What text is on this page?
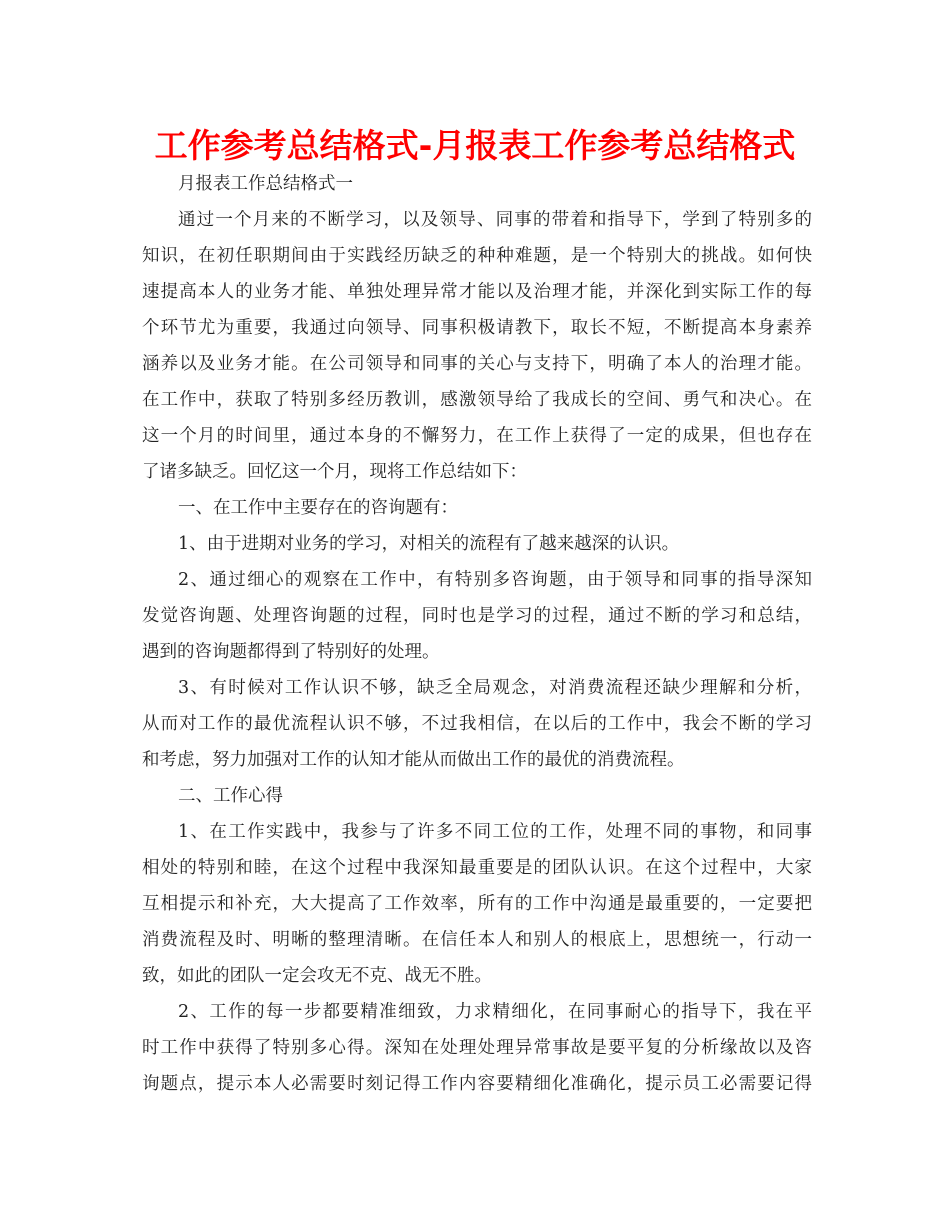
工作参考总结格式-月报表工作参考总结格式
月报表工作总结格式一
通过一个月来的不断学习，以及领导、同事的带着和指导下，学到了特别多的
知识，在初任职期间由于实践经历缺乏的种种难题，是一个特别大的挑战。如何快
速提高本人的业务才能、单独处理异常才能以及治理才能，并深化到实际工作的每
个环节尤为重要，我通过向领导、同事积极请教下，取长不短，不断提高本身素养
涵养以及业务才能。在公司领导和同事的关心与支持下，明确了本人的治理才能。
在工作中，获取了特别多经历教训，感激领导给了我成长的空间、勇气和决心。在
这一个月的时间里，通过本身的不懈努力，在工作上获得了一定的成果，但也存在
了诸多缺乏。回忆这一个月，现将工作总结如下：
一、在工作中主要存在的咨询题有：
1、由于进期对业务的学习，对相关的流程有了越来越深的认识。
2、通过细心的观察在工作中，有特别多咨询题，由于领导和同事的指导深知
发觉咨询题、处理咨询题的过程，同时也是学习的过程，通过不断的学习和总结，
遇到的咨询题都得到了特别好的处理。
3、有时候对工作认识不够，缺乏全局观念，对消费流程还缺少理解和分析，
从而对工作的最优流程认识不够，不过我相信，在以后的工作中，我会不断的学习
和考虑，努力加强对工作的认知才能从而做出工作的最优的消费流程。
二、工作心得
1、在工作实践中，我参与了许多不同工位的工作，处理不同的事物，和同事
相处的特别和睦，在这个过程中我深知最重要是的团队认识。在这个过程中，大家
互相提示和补充，大大提高了工作效率，所有的工作中沟通是最重要的，一定要把
消费流程及时、明晰的整理清晰。在信任本人和别人的根底上，思想统一，行动一
致，如此的团队一定会攻无不克、战无不胜。
2、工作的每一步都要精准细致，力求精细化，在同事耐心的指导下，我在平
时工作中获得了特别多心得。深知在处理处理异常事故是要平复的分析缘故以及咨
询题点，提示本人必需要时刻记得工作内容要精细化准确化，提示员工必需要记得
